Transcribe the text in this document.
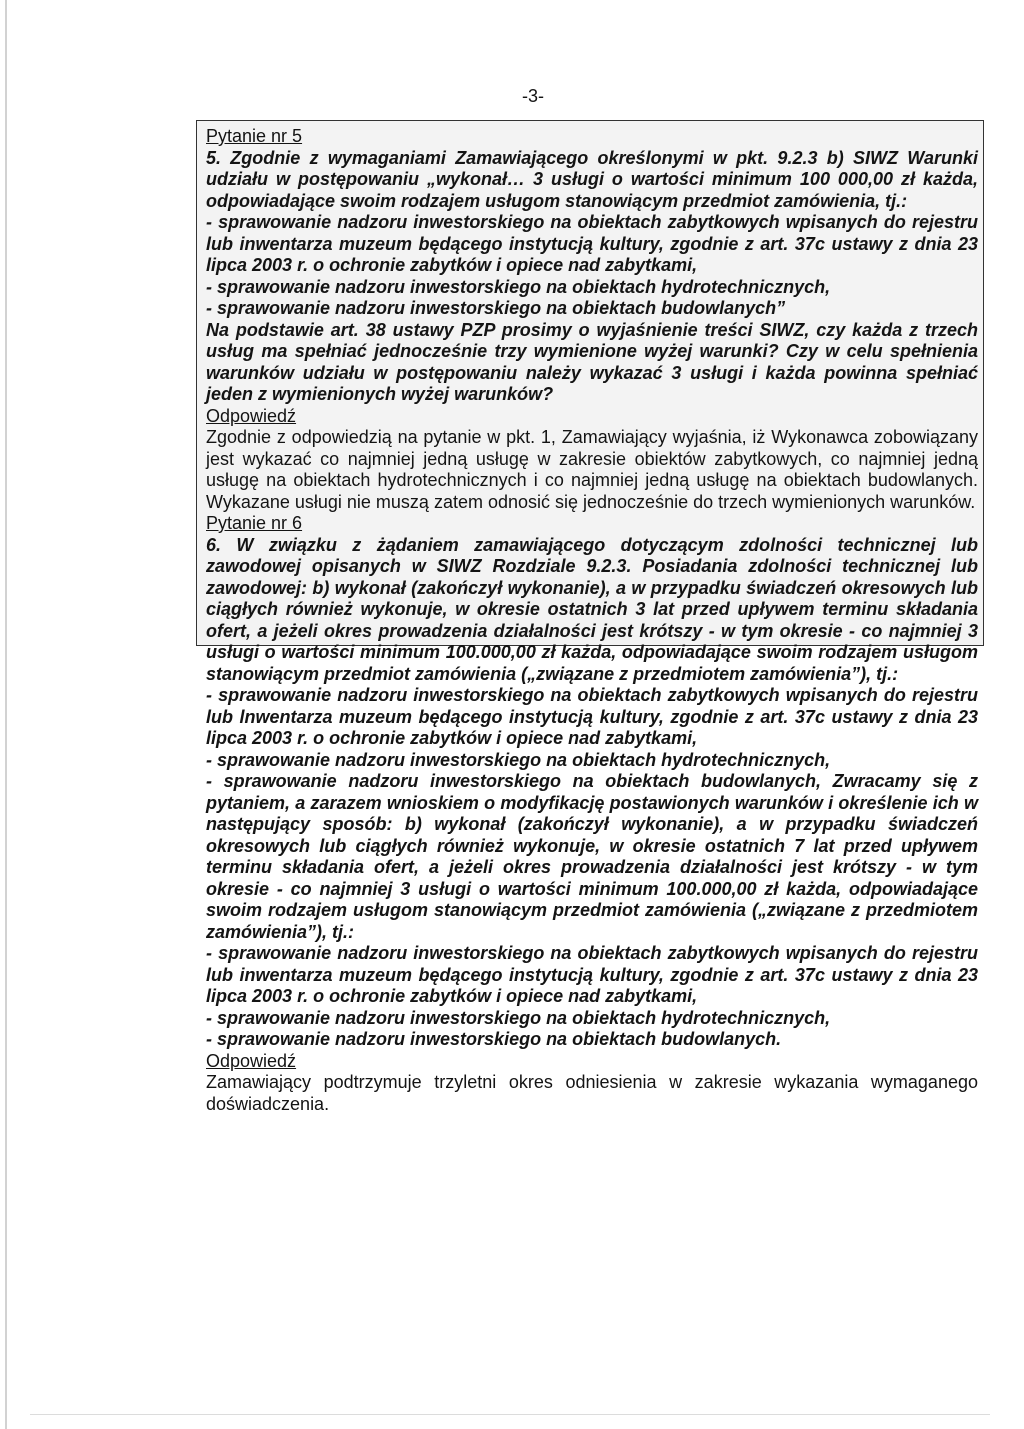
-3-

Pytanie nr 5

5. Zgodnie z wymaganiami Zamawiającego określonymi w pkt. 9.2.3 b) SIWZ Warunki udziału w postępowaniu „wykonał… 3 usługi o wartości minimum 100 000,00 zł każda, odpowiadające swoim rodzajem usługom stanowiącym przedmiot zamówienia, tj.:

- sprawowanie nadzoru inwestorskiego na obiektach zabytkowych wpisanych do rejestru lub inwentarza muzeum będącego instytucją kultury, zgodnie z art. 37c ustawy z dnia 23 lipca 2003 r. o ochronie zabytków i opiece nad zabytkami,

- sprawowanie nadzoru inwestorskiego na obiektach hydrotechnicznych,

- sprawowanie nadzoru inwestorskiego na obiektach budowlanych”

Na podstawie art. 38 ustawy PZP prosimy o wyjaśnienie treści SIWZ, czy każda z trzech usług ma spełniać jednocześnie trzy wymienione wyżej warunki? Czy w celu spełnienia warunków udziału w postępowaniu należy wykazać 3 usługi i każda powinna spełniać jeden z wymienionych wyżej warunków?

Odpowiedź

Zgodnie z odpowiedzią na pytanie w pkt. 1, Zamawiający wyjaśnia, iż Wykonawca zobowiązany jest wykazać co najmniej jedną usługę w zakresie obiektów zabytkowych, co najmniej jedną usługę na obiektach hydrotechnicznych i co najmniej jedną usługę na obiektach budowlanych. Wykazane usługi nie muszą zatem odnosić się jednocześnie do trzech wymienionych warunków.

Pytanie nr 6

6. W związku z żądaniem zamawiającego dotyczącym zdolności technicznej lub zawodowej opisanych w SIWZ Rozdziale 9.2.3. Posiadania zdolności technicznej lub zawodowej: b) wykonał (zakończył wykonanie), a w przypadku świadczeń okresowych lub ciągłych również wykonuje, w okresie ostatnich 3 lat przed upływem terminu składania ofert, a jeżeli okres prowadzenia działalności jest krótszy - w tym okresie - co najmniej 3 usługi o wartości minimum 100.000,00 zł każda, odpowiadające swoim rodzajem usługom stanowiącym przedmiot zamówienia („związane z przedmiotem zamówienia”), tj.:

- sprawowanie nadzoru inwestorskiego na obiektach zabytkowych wpisanych do rejestru lub lnwentarza muzeum będącego instytucją kultury, zgodnie z art. 37c ustawy z dnia 23 lipca 2003 r. o ochronie zabytków i opiece nad zabytkami,

- sprawowanie nadzoru inwestorskiego na obiektach hydrotechnicznych,

- sprawowanie nadzoru inwestorskiego na obiektach budowlanych, Zwracamy się z pytaniem, a zarazem wnioskiem o modyfikację postawionych warunków i określenie ich w następujący sposób: b) wykonał (zakończył wykonanie), a w przypadku świadczeń okresowych lub ciągłych również wykonuje, w okresie ostatnich 7 lat przed upływem terminu składania ofert, a jeżeli okres prowadzenia działalności jest krótszy - w tym okresie - co najmniej 3 usługi o wartości minimum 100.000,00 zł każda, odpowiadające swoim rodzajem usługom stanowiącym przedmiot zamówienia („związane z przedmiotem zamówienia”), tj.:

- sprawowanie nadzoru inwestorskiego na obiektach zabytkowych wpisanych do rejestru lub inwentarza muzeum będącego instytucją kultury, zgodnie z art. 37c ustawy z dnia 23 lipca 2003 r. o ochronie zabytków i opiece nad zabytkami,

- sprawowanie nadzoru inwestorskiego na obiektach hydrotechnicznych,

- sprawowanie nadzoru inwestorskiego na obiektach budowlanych.

Odpowiedź

Zamawiający podtrzymuje trzyletni okres odniesienia w zakresie wykazania wymaganego doświadczenia.
